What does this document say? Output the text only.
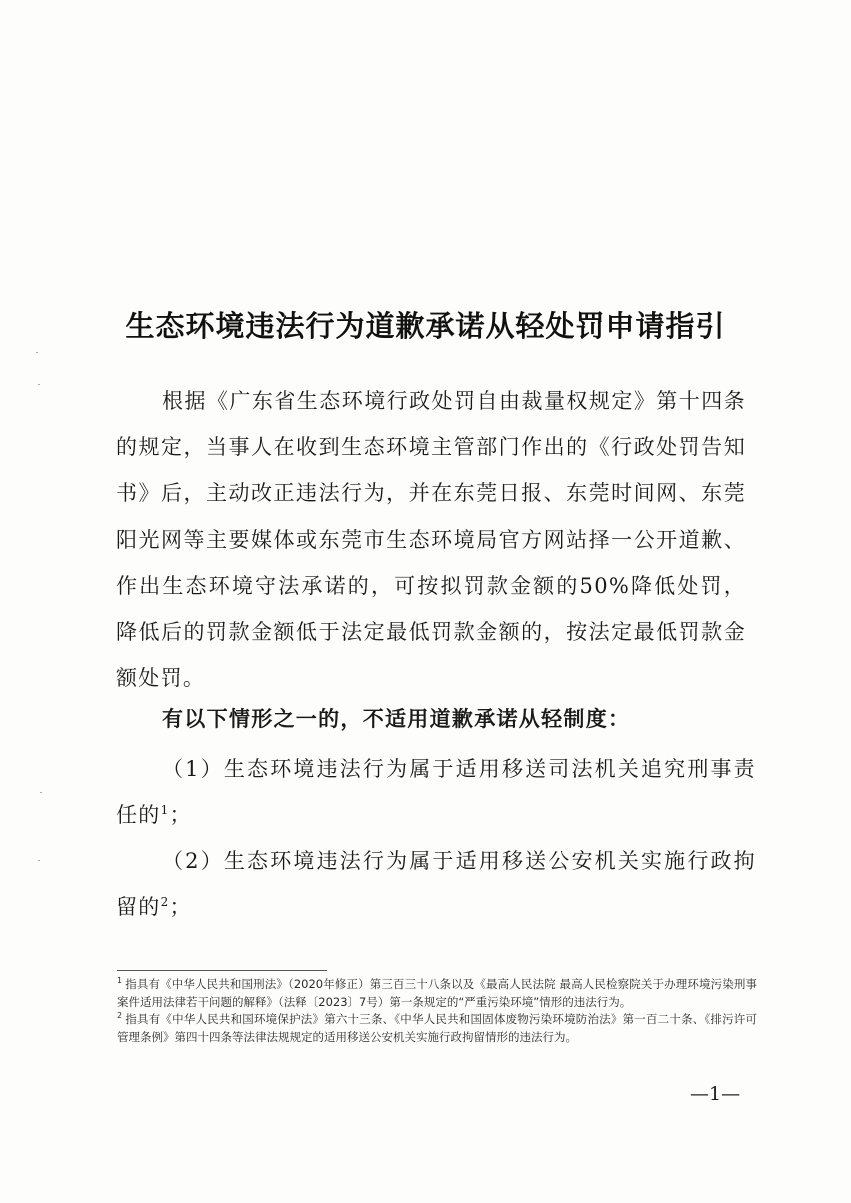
生态环境违法行为道歉承诺从轻处罚申请指引

根据《广东省生态环境行政处罚自由裁量权规定》第十四条的规定，当事人在收到生态环境主管部门作出的《行政处罚告知书》后，主动改正违法行为，并在东莞日报、东莞时间网、东莞阳光网等主要媒体或东莞市生态环境局官方网站择一公开道歉、作出生态环境守法承诺的，可按拟罚款金额的50%降低处罚，降低后的罚款金额低于法定最低罚款金额的，按法定最低罚款金额处罚。

有以下情形之一的，不适用道歉承诺从轻制度：

（1）生态环境违法行为属于适用移送司法机关追究刑事责任的$^1$；

（2）生态环境违法行为属于适用移送公安机关实施行政拘留的$^2$；

$^1$ 指具有《中华人民共和国刑法》（2020年修正）第三百三十八条以及《最高人民法院 最高人民检察院关于办理环境污染刑事案件适用法律若干问题的解释》（法释〔2023〕7号）第一条规定的“严重污染环境”情形的违法行为。

$^2$ 指具有《中华人民共和国环境保护法》第六十三条、《中华人民共和国固体废物污染环境防治法》第一百二十条、《排污许可管理条例》第四十四条等法律法规规定的适用移送公安机关实施行政拘留情形的违法行为。

—1—
